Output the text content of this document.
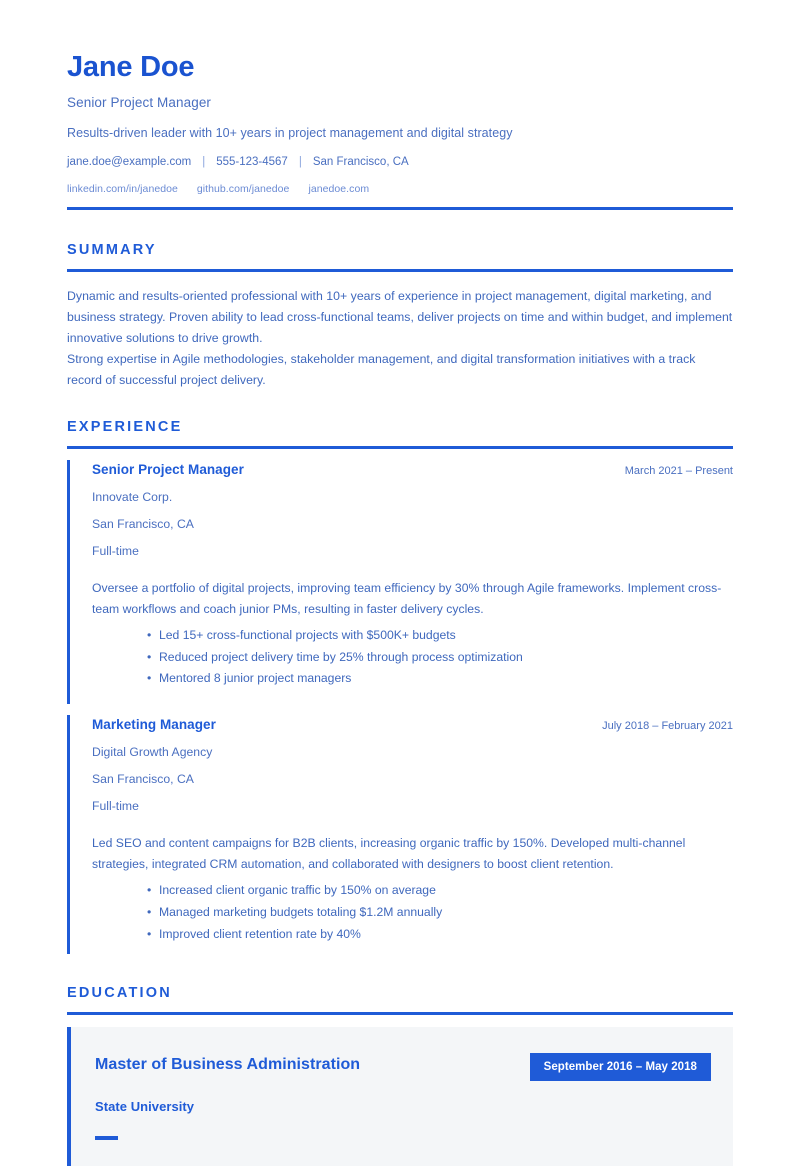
Jane Doe
Senior Project Manager
Results-driven leader with 10+ years in project management and digital strategy
jane.doe@example.com | 555-123-4567 | San Francisco, CA
linkedin.com/in/janedoe github.com/janedoe janedoe.com
SUMMARY

Dynamic and results-oriented professional with 10+ years of experience in project management, digital marketing, and business strategy. Proven ability to lead cross-functional teams, deliver projects on time and within budget, and implement innovative solutions to drive growth.

Strong expertise in Agile methodologies, stakeholder management, and digital transformation initiatives with a track record of successful project delivery.

EXPERIENCE
Senior Project Manager	March 2021 – Present
Innovate Corp.
San Francisco, CA
Full-time
Oversee a portfolio of digital projects, improving team efficiency by 30% through Agile frameworks. Implement cross-team workflows and coach junior PMs, resulting in faster delivery cycles.
• Led 15+ cross-functional projects with $500K+ budgets
• Reduced project delivery time by 25% through process optimization
• Mentored 8 junior project managers
Marketing Manager	July 2018 – February 2021
Digital Growth Agency
San Francisco, CA
Full-time
Led SEO and content campaigns for B2B clients, increasing organic traffic by 150%. Developed multi-channel strategies, integrated CRM automation, and collaborated with designers to boost client retention.
• Increased client organic traffic by 150% on average
• Managed marketing budgets totaling $1.2M annually
• Improved client retention rate by 40%
EDUCATION
Master of Business Administration	September 2016 – May 2018
State University
